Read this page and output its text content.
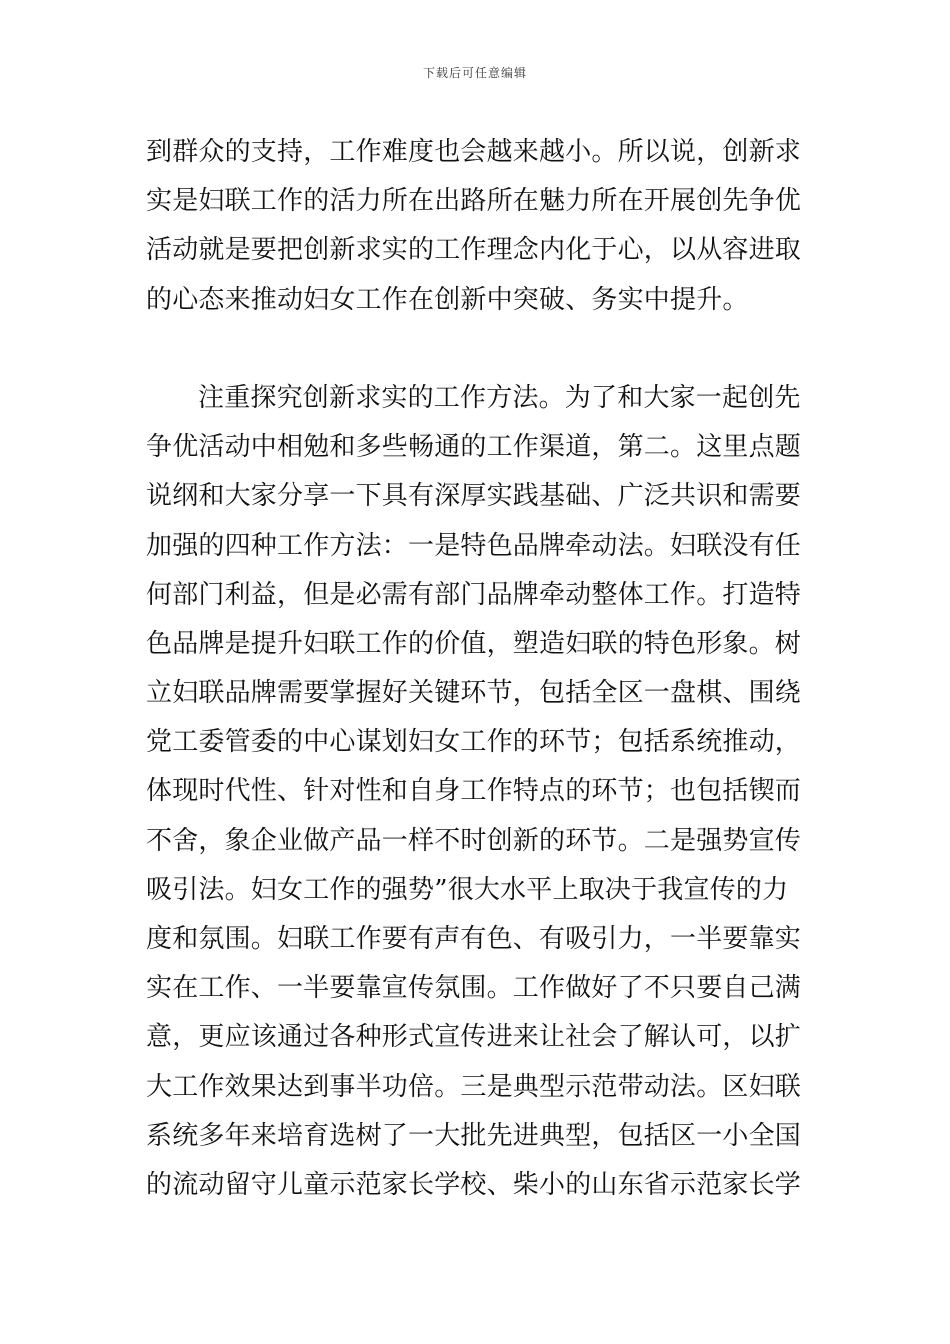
下载后可任意编辑
到群众的支持，工作难度也会越来越小。所以说，创新求
实是妇联工作的活力所在出路所在魅力所在开展创先争优
活动就是要把创新求实的工作理念内化于心，以从容进取
的心态来推动妇女工作在创新中突破、务实中提升。
注重探究创新求实的工作方法。为了和大家一起创先
争优活动中相勉和多些畅通的工作渠道，第二。这里点题
说纲和大家分享一下具有深厚实践基础、广泛共识和需要
加强的四种工作方法：一是特色品牌牵动法。妇联没有任
何部门利益，但是必需有部门品牌牵动整体工作。打造特
色品牌是提升妇联工作的价值，塑造妇联的特色形象。树
立妇联品牌需要掌握好关键环节，包括全区一盘棋、围绕
党工委管委的中心谋划妇女工作的环节；包括系统推动，
体现时代性、针对性和自身工作特点的环节；也包括锲而
不舍，象企业做产品一样不时创新的环节。二是强势宣传
吸引法。妇女工作的强势”很大水平上取决于我宣传的力
度和氛围。妇联工作要有声有色、有吸引力，一半要靠实
实在工作、一半要靠宣传氛围。工作做好了不只要自己满
意，更应该通过各种形式宣传进来让社会了解认可，以扩
大工作效果达到事半功倍。三是典型示范带动法。区妇联
系统多年来培育选树了一大批先进典型，包括区一小全国
的流动留守儿童示范家长学校、柴小的山东省示范家长学
